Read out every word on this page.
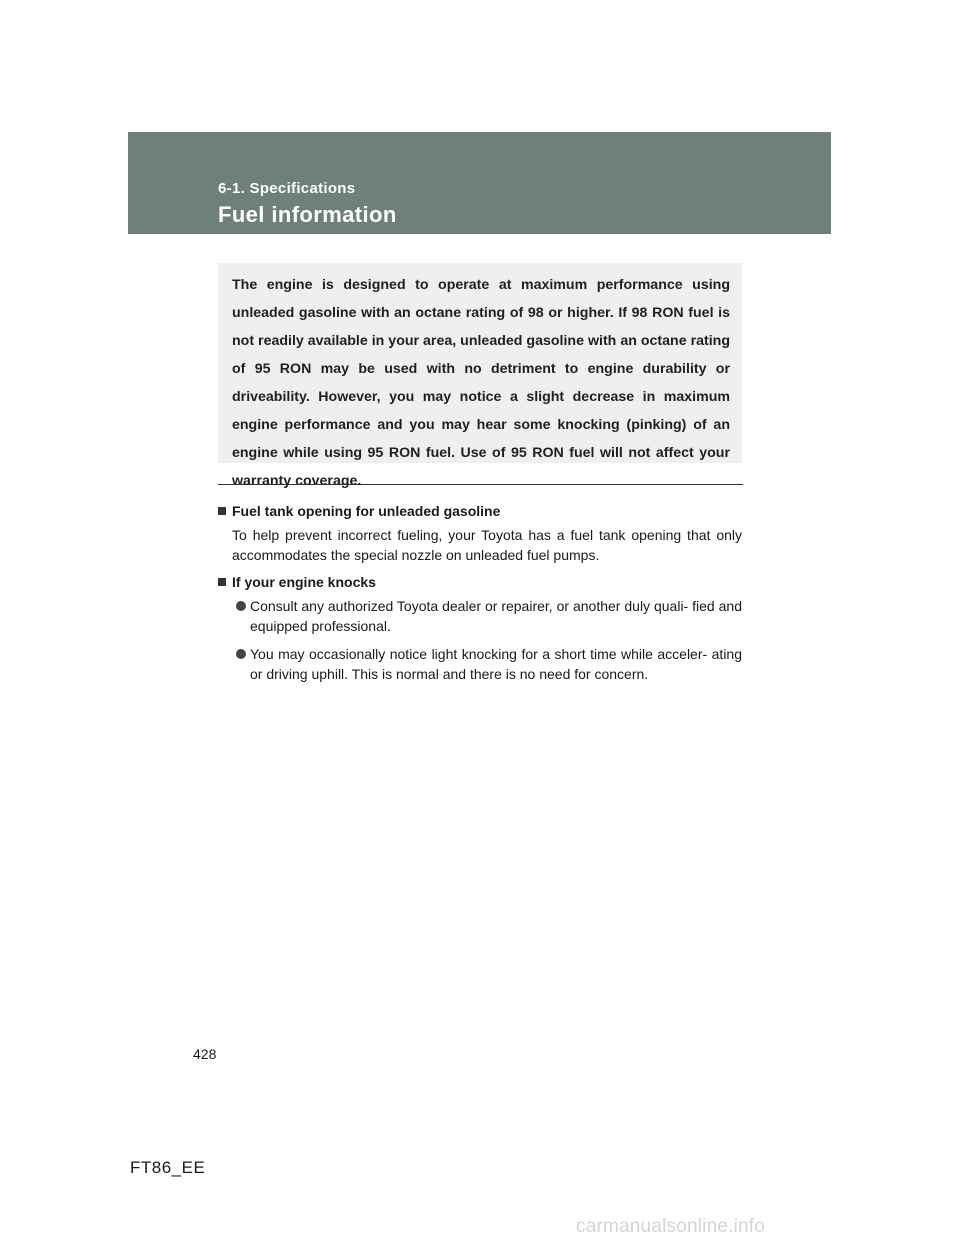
6-1. Specifications
Fuel information

The engine is designed to operate at maximum performance using unleaded gasoline with an octane rating of 98 or higher. If 98 RON fuel is not readily available in your area, unleaded gasoline with an octane rating of 95 RON may be used with no detriment to engine durability or driveability. However, you may notice a slight decrease in maximum engine performance and you may hear some knocking (pinking) of an engine while using 95 RON fuel. Use of 95 RON fuel will not affect your warranty coverage.

Fuel tank opening for unleaded gasoline

To help prevent incorrect fueling, your Toyota has a fuel tank opening that only accommodates the special nozzle on unleaded fuel pumps.

If your engine knocks

Consult any authorized Toyota dealer or repairer, or another duly quali- fied and equipped professional.
You may occasionally notice light knocking for a short time while acceler- ating or driving uphill. This is normal and there is no need for concern.
428
FT86_EE
carmanualsonline.info
